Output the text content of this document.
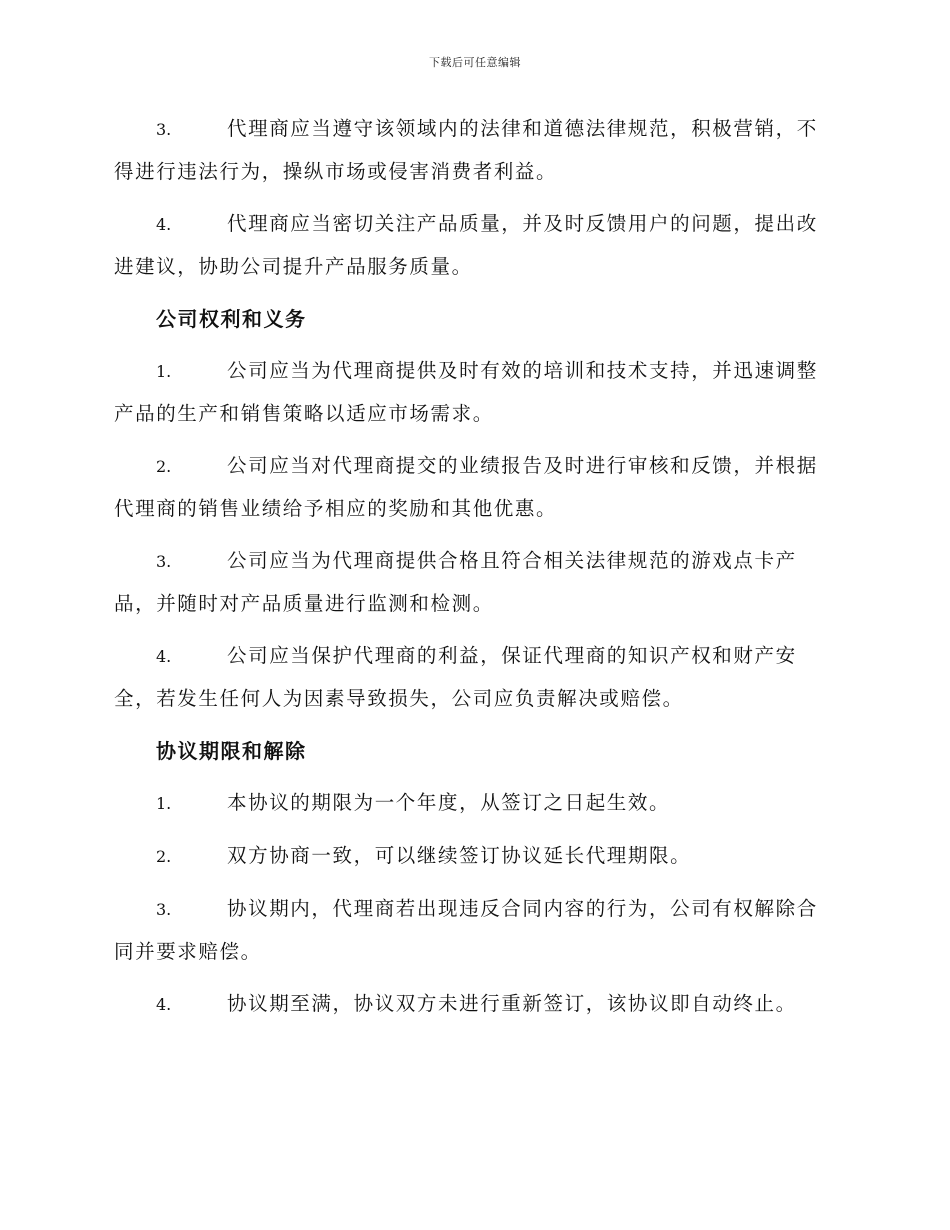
下载后可任意编辑

3.	代理商应当遵守该领域内的法律和道德法律规范，积极营销，不得进行违法行为，操纵市场或侵害消费者利益。

4.	代理商应当密切关注产品质量，并及时反馈用户的问题，提出改进建议，协助公司提升产品服务质量。

公司权利和义务

1.	公司应当为代理商提供及时有效的培训和技术支持，并迅速调整产品的生产和销售策略以适应市场需求。

2.	公司应当对代理商提交的业绩报告及时进行审核和反馈，并根据代理商的销售业绩给予相应的奖励和其他优惠。

3.	公司应当为代理商提供合格且符合相关法律规范的游戏点卡产品，并随时对产品质量进行监测和检测。

4.	公司应当保护代理商的利益，保证代理商的知识产权和财产安全，若发生任何人为因素导致损失，公司应负责解决或赔偿。

协议期限和解除

1.	本协议的期限为一个年度，从签订之日起生效。

2.	双方协商一致，可以继续签订协议延长代理期限。

3.	协议期内，代理商若出现违反合同内容的行为，公司有权解除合同并要求赔偿。

4.	协议期至满，协议双方未进行重新签订，该协议即自动终止。
